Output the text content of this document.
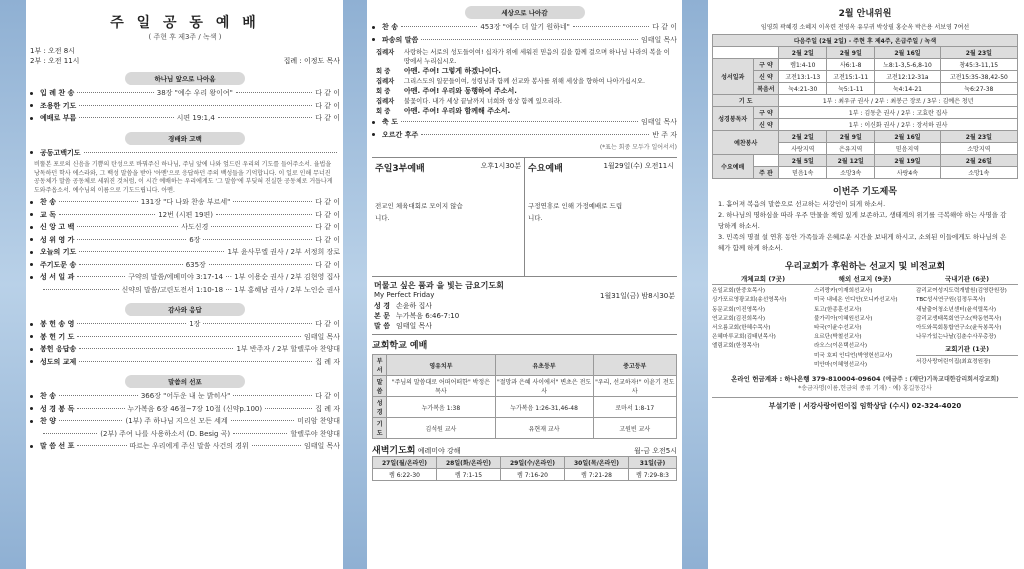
주 일 공 동 예 배
( 주현 후 제3주 / 녹색 )
1부 : 오전 8시
2부 : 오전 11시	집례 : 이정도 목사
하나님 앞으로 나아옴
입 례 찬 송	38장 "예수 우리 왕이여"	다 같 이
조용한 기도	다 같 이
예배로 부름	시편 19:1,4	다 같 이
경배와 고백
공동고백기도
비뚤본 포로의 신음을 기쁨의 탄성으로 바꿔주신 하나님, 주님 앞에 나와 엎드린 우리의 기도를 들어주소서. 율법을 낭독하던 학사 에스라와, 그 백성 말씀을 받아 '아멘'으로 응답하던 주의 백성들을 기억합니다. 이 일로 인해 무너진 공동체가 말씀 공동체로 세워진 것처럼, 이 시간 예배하는 우리에게도 '그 말씀'에 부딪혀 진실한 공동체로 거듭나게 도와주옵소서. 예수님의 이름으로 기도드립니다. 아멘.
찬 송	131장 "다 나와 찬송 부르세"	다 같 이
교 독	12번 (시편 19편)	다 같 이
신 앙 고 백	사도신경	다 같 이
성 위 영 가	6장	다 같 이
오늘의 기도	1부 윤사무엘 권사 / 2부 서정희 장로
주기도문 송	635장	다 같 이
성 서 일 과	구약의 말씀/에베미야 3:17-14 ··· 1부 이용순 권사 / 2부 김현영 집사
신약의 말씀/고린도전서 1:10-18 ··· 1부 홍혜남 권사 / 2부 노인순 권사
감사와 응답
봉 헌 송 영	1장	다 같 이
봉 헌 기 도	임태일 목사
봉헌 응답송	1부 반주자 / 2부 할렐루야 찬양대
성도의 교제	집 례 자
말씀의 선포
찬 송	366장 "어두운 내 눈 밝히사"	다 같 이
성 경 봉 독	누가복음 6장 46절~7장 10절 (신약p.100)	집 례 자
찬 양	(1부) 주 하나님 지으신 모든 세계	미리암 찬양대
(2부) 주여 나를 사용하소서 (D. Besig 곡)	할렐루야 찬양대
말 씀 선 포	따르는 우리에게 주신 말씀 사건의 경위	임태일 목사
세상으로 나아감
찬 송	453장 "예수 더 알기 원하네"	다 같 이
파송의 말씀	임태일 목사
집례자	사랑하는 서로의 성도들이여! 십자가 위에 세워진 믿음의 길을 함께 걸으며 하나님 나라의 복을 이 땅에서 누리십시오.
회 중	아멘. 주여! 그렇게 하겠나이다.
집례자	그리스도의 일꾼들이여, 성령님과 함께 선교와 봉사를 위해 세상을 향하여 나아가십시오.
회 중	아멘. 주여! 우리와 동행하여 주소서.
집례자	불꽃이다. 내가 세상 끝날까지 너희와 항상 함께 있으리라.
회 중	아멘. 주여! 우리와 함께해 주소서.
축 도	임태일 목사
오르간 후주	반 주 자
(*표는 회중 모두가 일어서서)
주일3부예배	오후1시30분
전교인 체육대회로 모이지 않습니다.
수요예배	1월29일(수) 오전11시
구정연휴로 인해 가정예배로 드립니다.
머물고 싶은 품과 을 빛는 금요기도회
My Perfect Friday	1월31일(금) 밤8시30분
성 경 손윤하 집사
본 문 누가복음 6:46-7:10
말 씀 임태일 목사
교회학교 예배
부서	영유치부	유초등부	중고등부
말씀	"주님의 말씀대로 어떠어떠한" 박정은 목사	"절망과 은혜 사이에서" 변초은 전도사	"우리, 선교하자!" 이윤기 전도사
성경	누가복음 1:38	누가복음 1:26-31,46-48	로마서 1:8-17
기도	김석원 교사	유현재 교사	고원빈 교사
새벽기도회 예레미야 강해	월-금 오전5시
27일(월/온라인)	28일(화/온라인)	29일(수/온라인)	30일(목/온라인)	31일(금)
렘 6:22-30	렘 7:1-15	렘 7:16-20	렘 7:21-28	렘 7:29-8:3
2월 안내위원
임영희 곽혜경 소혜지 이옥련 전영옥 유부귀 박상필 홍순옥 박은용 서보영 7여선
다음주일 (2월 2일) - 주현 후 제4주, 온급주일 / 녹색					
		2월 2일	2월 9일	2월 16일	2월 23일
성서일과	구 약	렘1:4-10	사6:1-8	노8:1-3,5-6,8-10	창45:3-11,15
	신 약	고전13:1-13	고전15:1-11	고전12:12-31a	고전15:35-38,42-50
	복음서	눅4:21-30	눅5:1-11	눅4:14-21	눅6:27-38
기 도		1부 : 최우규 권사 / 2부 : 최봉근 장로 / 3부 : 김예은 청년			
성경봉독자	구 약	1부 : 김동춘 권사 / 2부 : 고효란 집사			
	신 약	1부 : 이신화 권사 / 2부 : 장서하 권사			
예찬봉사		2월 2일	2월 9일	2월 16일	2월 23일
		사랑지역	은유지역	믿음지역	소망지역
수요예배		2월 5일	2월 12일	2월 19일	2월 26일
	주 관	믿음1속	소망3속	사랑4속	소망1속
이번주 기도제목
1. 흩어져 복음의 말씀으로 선교하는 서강인이 되게 하소서.
2. 하나님의 명하심을 따라 우주 만물을 책임 있게 보존하고, 생태계의 위기를 극복해야 하는 사명을 감당하게 하소서.
3. 민족의 명절 설 연휴 동안 가족들과 은혜로운 시간을 보내게 하시고, 소외된 이들에게도 하나님의 은혜가 함께 하게 하소서.
우리교회가 후원하는 선교지 및 비전교회
개체교회 (7곳)
은일교회(한중호목사)
싱가포르영광교회(송선영목사)
동문교회(이진영목사)
연교교회(김진희목사)
서오름교회(한혜수목사)
은혜마루교회(김태년목사)
엘림교회(한정목사)
해외 선교지 (9곳)
스리랑카(이재희선교사)
미국 내네온 인디안(모니카선교사)
토고(한종훈선교사)
불가리아(이혜원선교사)
타국(이윤수선교사)
요르단(박철선교사)
라오스(이은택선교사)
미국 호피 인디언(박영헌선교사)
미안마(이혜영선교사)
국내기관 (6곳)
감리교여성지도력개발원(김영란원장)
TBC성서연구원(김정두목사)
새날출어청소년센터(윤석렬목사)
감리교생태목회연구소(박동현목사)
아도와목회통합연구소(윤득봉목사)
나무가있는나날(김춘수사무총장)
교회기관 (1곳)
서강사랑어린이집(최효정원장)
온라인 헌금계좌 : 하나은행 379-810004-09604 (예금주 : (재단)기독교대한감리회서강교회)
*송금자명(이름,헌금의 종류 기재) · 예) 홍길동감사
부설기관 | 서강사랑어린이집 임학상담 (수시) 02-324-4020
